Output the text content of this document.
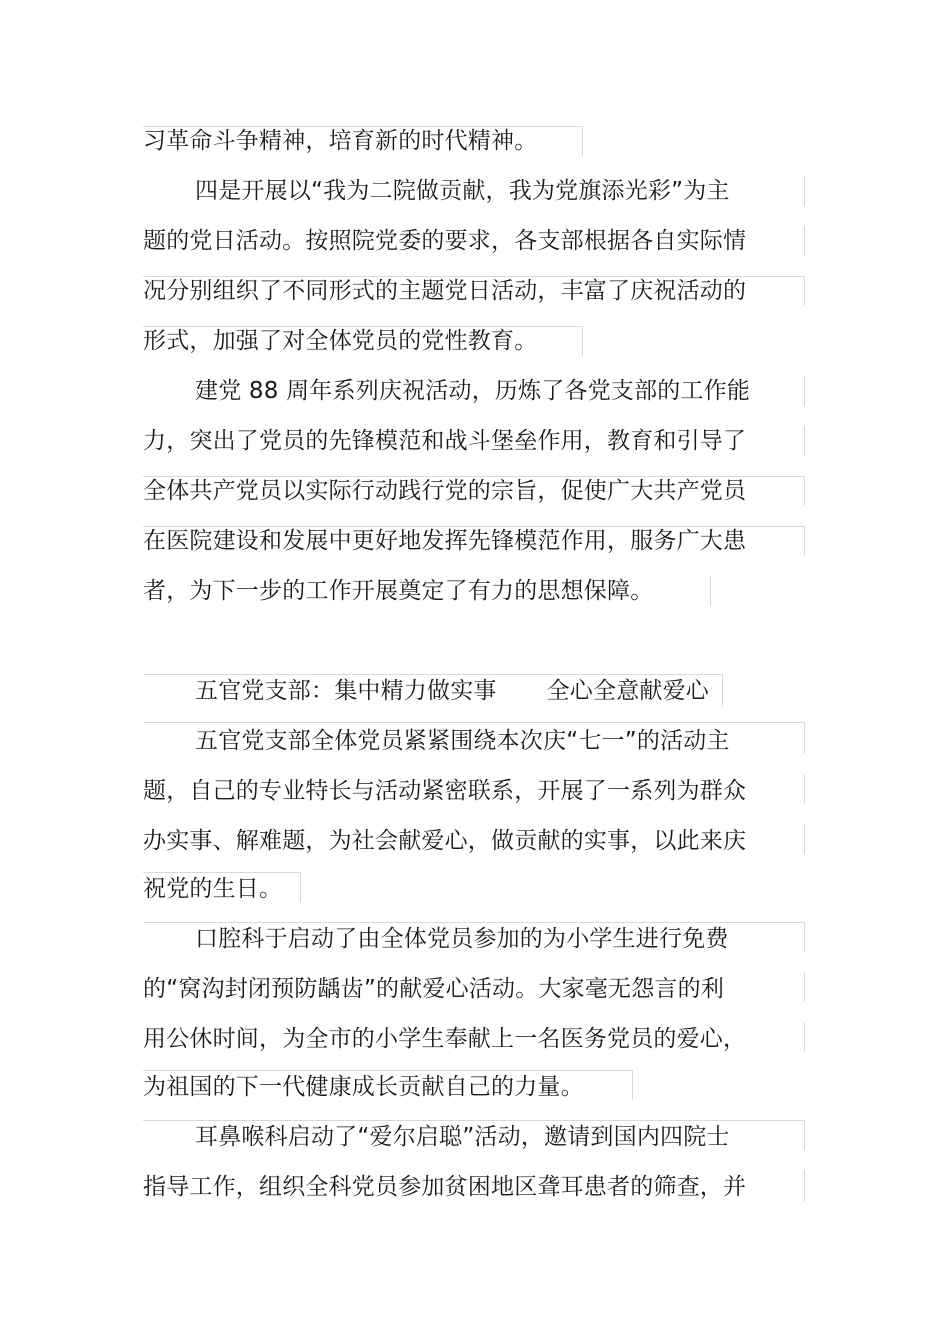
习革命斗争精神，培育新的时代精神。
四是开展以“我为二院做贡献，我为党旗添光彩”为主
题的党日活动。按照院党委的要求，各支部根据各自实际情
况分别组织了不同形式的主题党日活动，丰富了庆祝活动的
形式，加强了对全体党员的党性教育。
建党 88 周年系列庆祝活动，历炼了各党支部的工作能
力，突出了党员的先锋模范和战斗堡垒作用，教育和引导了
全体共产党员以实际行动践行党的宗旨，促使广大共产党员
在医院建设和发展中更好地发挥先锋模范作用，服务广大患
者，为下一步的工作开展奠定了有力的思想保障。
五官党支部：集中精力做实事 全心全意献爱心
五官党支部全体党员紧紧围绕本次庆“七一”的活动主
题，自己的专业特长与活动紧密联系，开展了一系列为群众
办实事、解难题，为社会献爱心，做贡献的实事，以此来庆
祝党的生日。
口腔科于启动了由全体党员参加的为小学生进行免费
的“窝沟封闭预防龋齿”的献爱心活动。大家毫无怨言的利
用公休时间，为全市的小学生奉献上一名医务党员的爱心，
为祖国的下一代健康成长贡献自己的力量。
耳鼻喉科启动了“爱尔启聪”活动，邀请到国内四院士
指导工作，组织全科党员参加贫困地区聋耳患者的筛查，并
